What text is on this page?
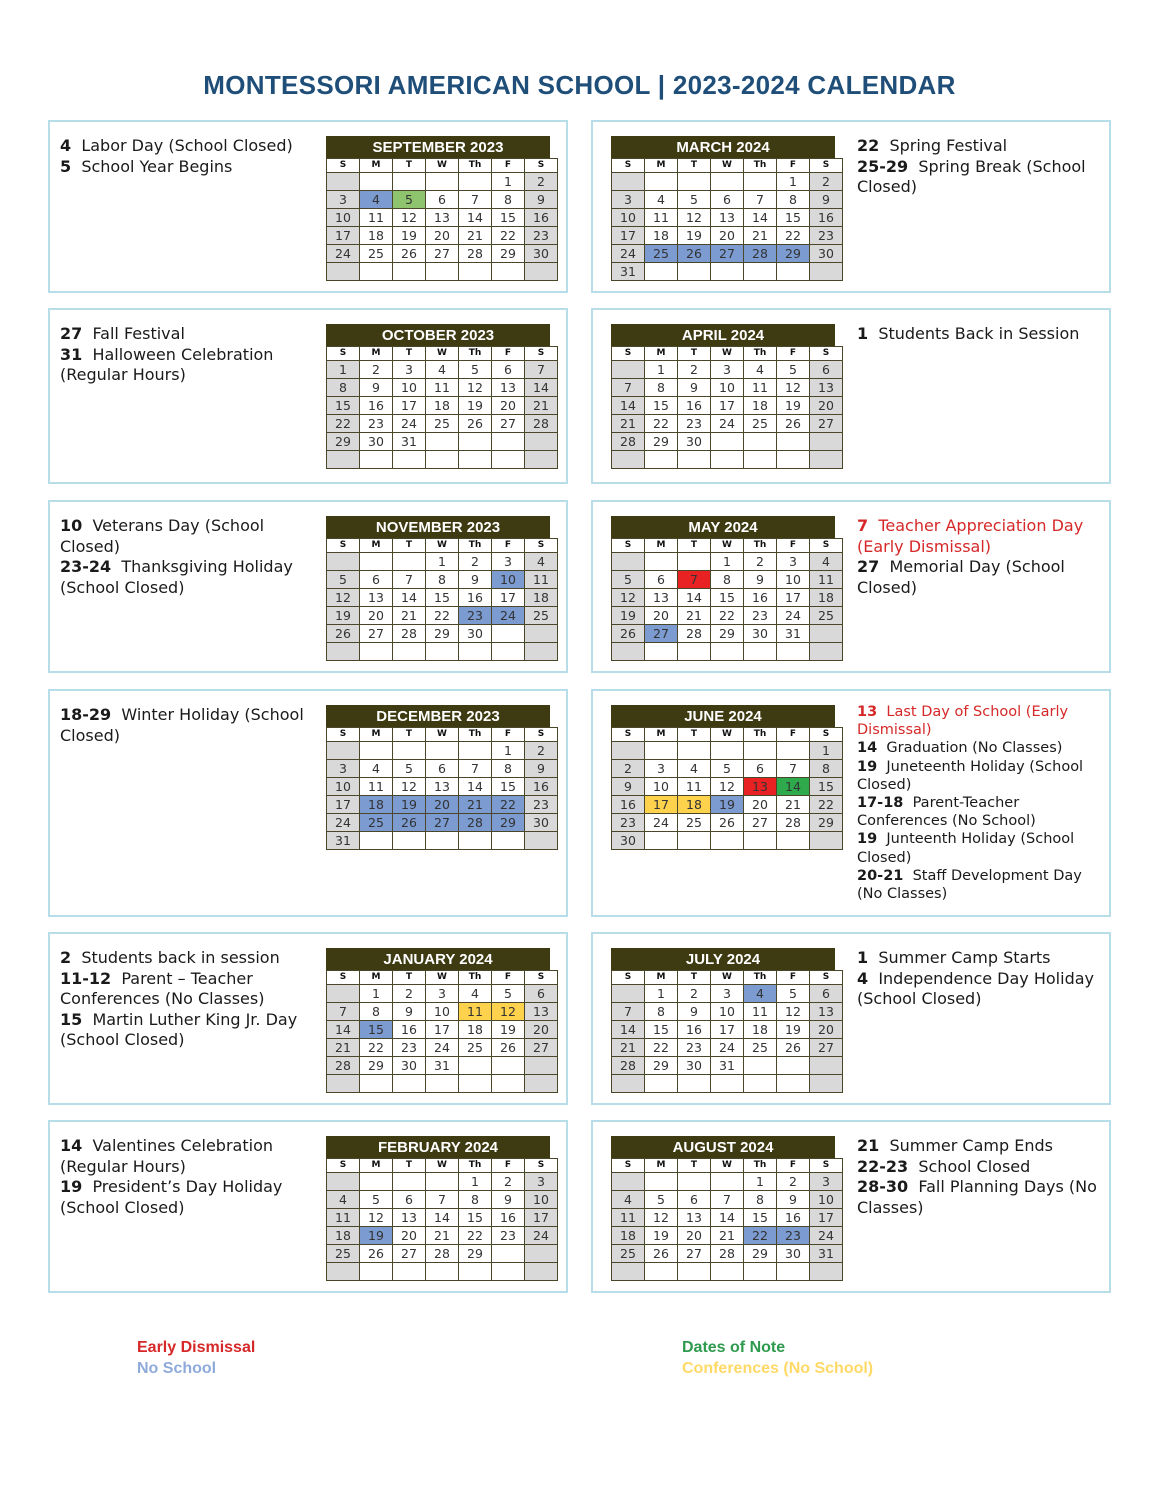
MONTESSORI AMERICAN SCHOOL | 2023-2024 CALENDAR

4 Labor Day (School Closed)

5 School Year Begins

SEPTEMBER 2023
S	M	T	W	Th	F	S
					1	2
3	4	5	6	7	8	9
10	11	12	13	14	15	16
17	18	19	20	21	22	23
24	25	26	27	28	29	30

27 Fall Festival

31 Halloween Celebration (Regular Hours)

OCTOBER 2023
S	M	T	W	Th	F	S
1	2	3	4	5	6	7
8	9	10	11	12	13	14
15	16	17	18	19	20	21
22	23	24	25	26	27	28
29	30	31				

10 Veterans Day (School Closed)

23-24 Thanksgiving Holiday (School Closed)

NOVEMBER 2023
S	M	T	W	Th	F	S
			1	2	3	4
5	6	7	8	9	10	11
12	13	14	15	16	17	18
19	20	21	22	23	24	25
26	27	28	29	30		

18-29 Winter Holiday (School Closed)

DECEMBER 2023
S	M	T	W	Th	F	S
					1	2
3	4	5	6	7	8	9
10	11	12	13	14	15	16
17	18	19	20	21	22	23
24	25	26	27	28	29	30
31						

2 Students back in session

11-12 Parent – Teacher Conferences (No Classes)

15 Martin Luther King Jr. Day (School Closed)

JANUARY 2024
S	M	T	W	Th	F	S
	1	2	3	4	5	6
7	8	9	10	11	12	13
14	15	16	17	18	19	20
21	22	23	24	25	26	27
28	29	30	31			

14 Valentines Celebration (Regular Hours)

19 President’s Day Holiday (School Closed)

FEBRUARY 2024
S	M	T	W	Th	F	S
				1	2	3
4	5	6	7	8	9	10
11	12	13	14	15	16	17
18	19	20	21	22	23	24
25	26	27	28	29		

22 Spring Festival

25-29 Spring Break (School Closed)

MARCH 2024
S	M	T	W	Th	F	S
					1	2
3	4	5	6	7	8	9
10	11	12	13	14	15	16
17	18	19	20	21	22	23
24	25	26	27	28	29	30
31						

1 Students Back in Session

APRIL 2024
S	M	T	W	Th	F	S
	1	2	3	4	5	6
7	8	9	10	11	12	13
14	15	16	17	18	19	20
21	22	23	24	25	26	27
28	29	30				

7 Teacher Appreciation Day (Early Dismissal)

27 Memorial Day (School Closed)

MAY 2024
S	M	T	W	Th	F	S
			1	2	3	4
5	6	7	8	9	10	11
12	13	14	15	16	17	18
19	20	21	22	23	24	25
26	27	28	29	30	31	

13 Last Day of School (Early Dismissal)

14 Graduation (No Classes)

19 Juneteenth Holiday (School Closed)

17-18 Parent-Teacher Conferences (No School)

19 Junteenth Holiday (School Closed)

20-21 Staff Development Day (No Classes)

JUNE 2024
S	M	T	W	Th	F	S
						1
2	3	4	5	6	7	8
9	10	11	12	13	14	15
16	17	18	19	20	21	22
23	24	25	26	27	28	29
30						

1 Summer Camp Starts

4 Independence Day Holiday (School Closed)

JULY 2024
S	M	T	W	Th	F	S
	1	2	3	4	5	6
7	8	9	10	11	12	13
14	15	16	17	18	19	20
21	22	23	24	25	26	27
28	29	30	31			

21 Summer Camp Ends

22-23 School Closed

28-30 Fall Planning Days (No Classes)

AUGUST 2024
S	M	T	W	Th	F	S
				1	2	3
4	5	6	7	8	9	10
11	12	13	14	15	16	17
18	19	20	21	22	23	24
25	26	27	28	29	30	31

Early Dismissal
No School
Dates of Note
Conferences (No School)
